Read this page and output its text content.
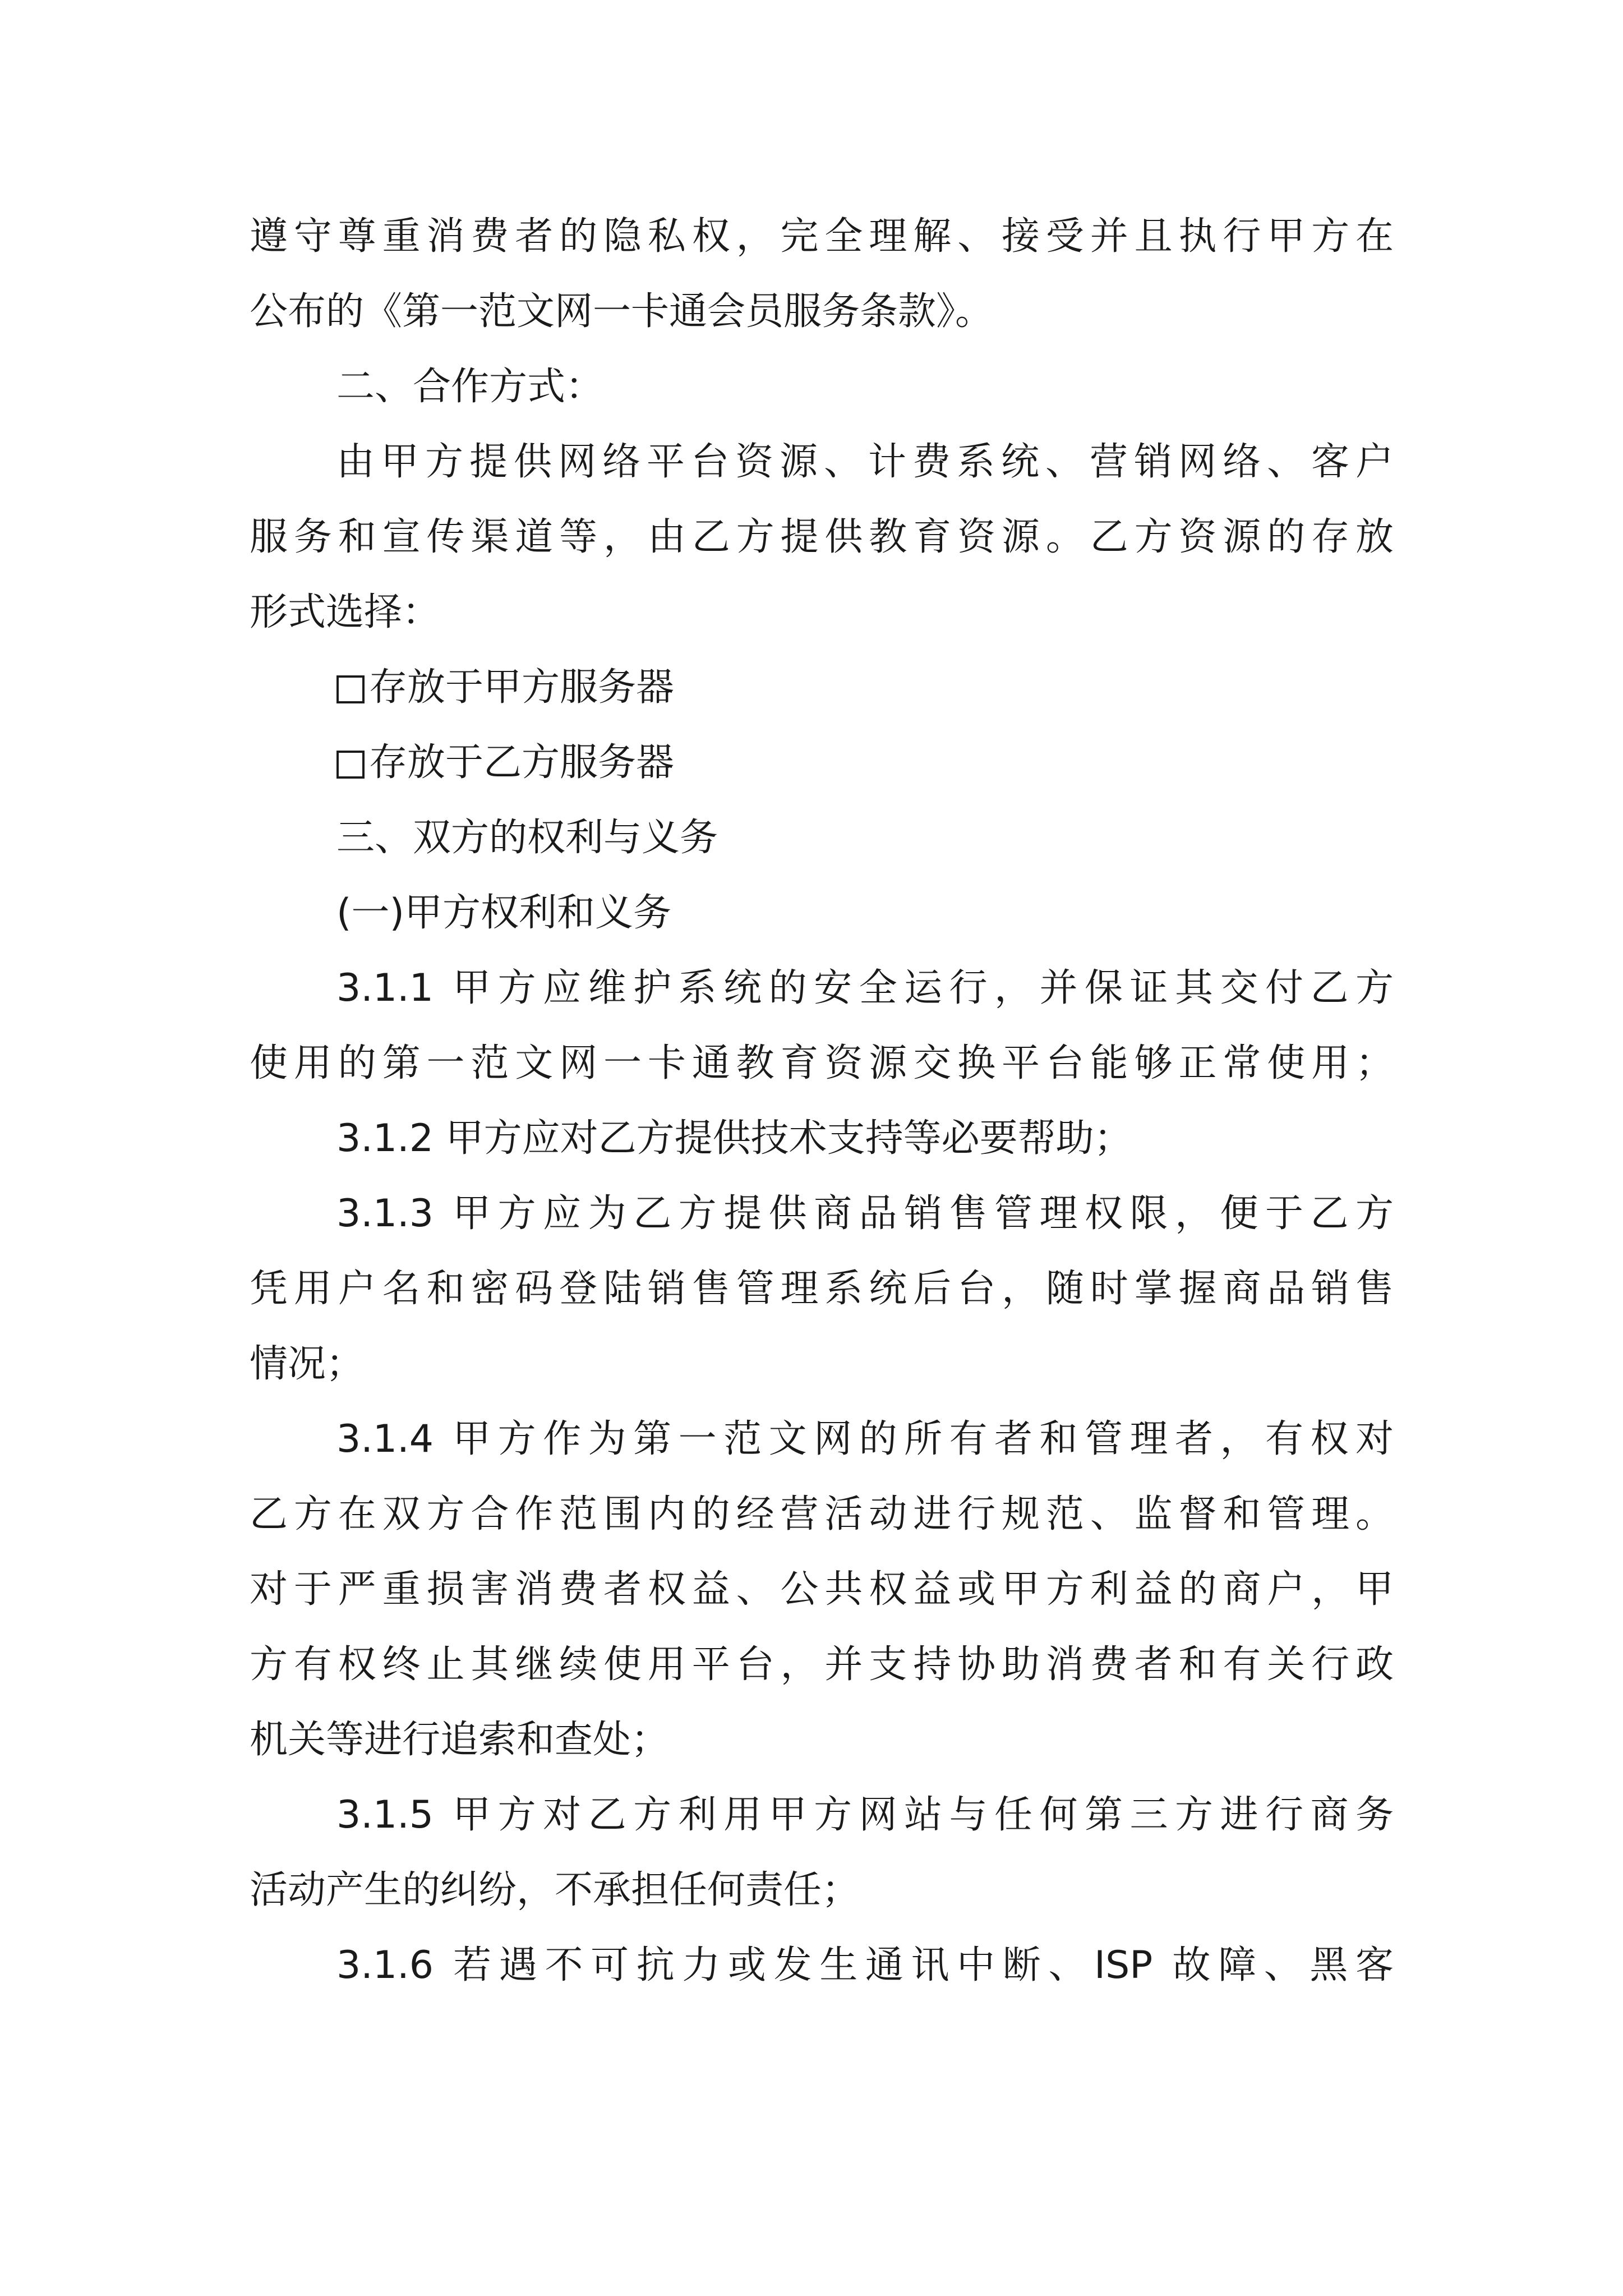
遵守尊重消费者的隐私权，完全理解、接受并且执行甲方在
公布的《第一范文网一卡通会员服务条款》。
二、合作方式：
由甲方提供网络平台资源、计费系统、营销网络、客户
服务和宣传渠道等，由乙方提供教育资源。乙方资源的存放
形式选择：
存放于甲方服务器
存放于乙方服务器
三、双方的权利与义务
(一)甲方权利和义务
3.1.1 甲方应维护系统的安全运行，并保证其交付乙方
使用的第一范文网一卡通教育资源交换平台能够正常使用；
3.1.2 甲方应对乙方提供技术支持等必要帮助；
3.1.3 甲方应为乙方提供商品销售管理权限，便于乙方
凭用户名和密码登陆销售管理系统后台，随时掌握商品销售
情况；
3.1.4 甲方作为第一范文网的所有者和管理者，有权对
乙方在双方合作范围内的经营活动进行规范、监督和管理。
对于严重损害消费者权益、公共权益或甲方利益的商户，甲
方有权终止其继续使用平台，并支持协助消费者和有关行政
机关等进行追索和查处；
3.1.5 甲方对乙方利用甲方网站与任何第三方进行商务
活动产生的纠纷，不承担任何责任；
3.1.6 若遇不可抗力或发生通讯中断、ISP 故障、黑客
